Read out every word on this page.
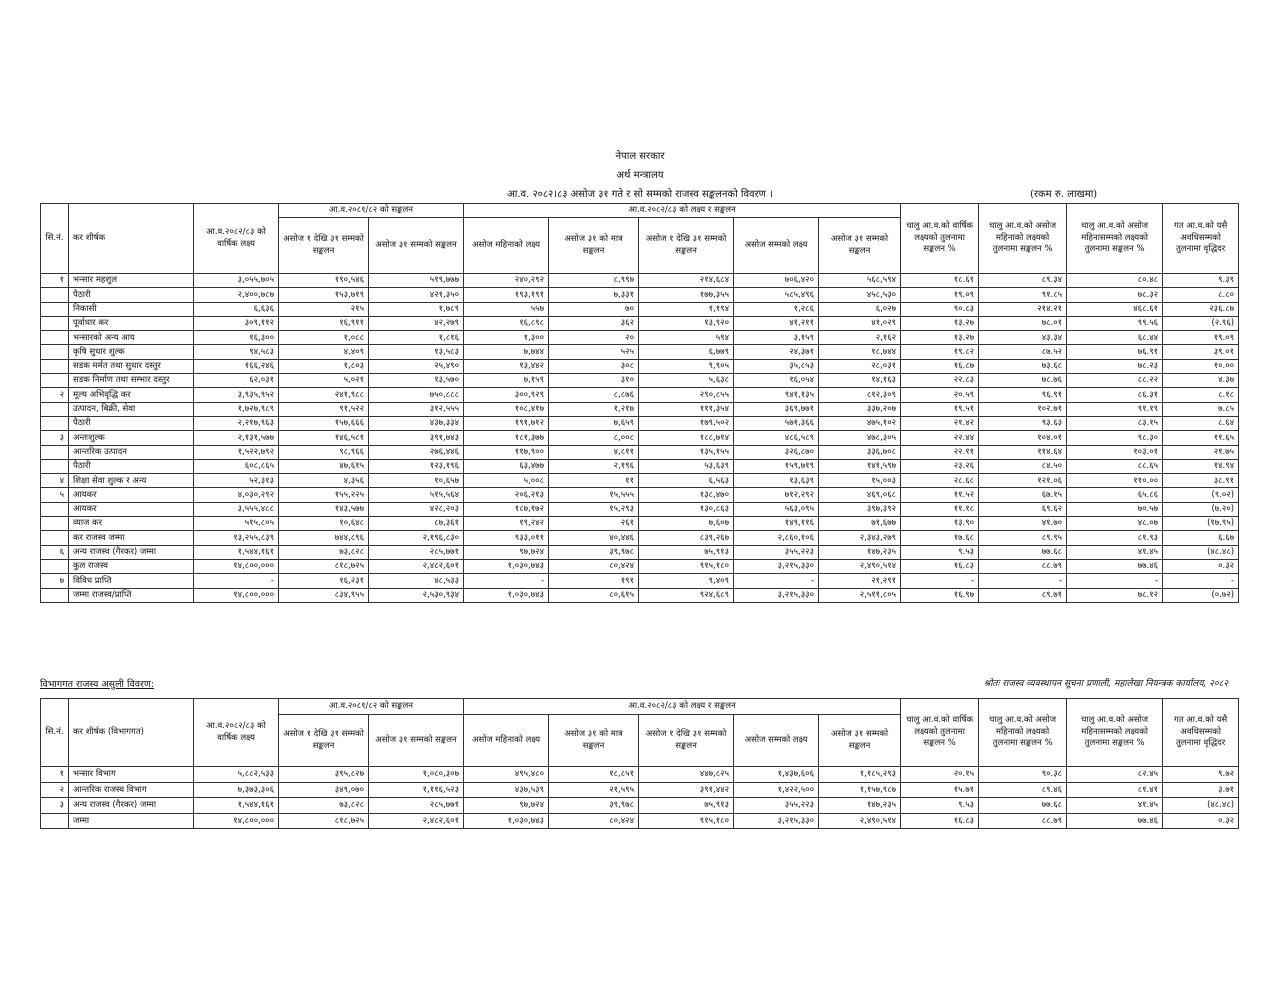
नेपाल सरकार
अर्थ मन्त्रालय
आ.व. २०८२।८३ असोज ३१ गते र सो सम्मको राजस्व सङ्कलनको विवरण ।	(रकम रु. लाखमा)
सि.नं.	कर शीर्षक	आ.व.२०८२/८३ को वार्षिक लक्ष्य	आ.व.२०८१/८२ को सङ्कलन		आ.व.२०८२/८३ को लक्ष्य र सङ्कलन					चालु आ.व.को वार्षिक लक्ष्यको तुलनामा सङ्कलन %	चालु आ.व.को असोज महिनाको लक्ष्यको तुलनामा सङ्कलन %	चालु आ.व.को असोज महिनासम्मको लक्ष्यको तुलनामा सङ्कलन %	गत आ.व.को यसै अवधिसम्मको तुलनामा वृद्धिदर
			असोज १ देखि ३१ सम्मको सङ्कलन	असोज ३१ सम्मको सङ्कलन	असोज महिनाको लक्ष्य	असोज ३१ को मात्र सङ्कलन	असोज १ देखि ३१ सम्मको सङ्कलन	असोज सम्मको लक्ष्य	असोज ३१ सम्मको सङ्कलन				
१	भन्सार महशुल	३,०५५,७०५	१९०,५४६	५१९,७७७	२४०,२९२	८,९९७	२१४,६८४	७०६,४२०	५६८,५९४	१८.६१	८९.३४	८०.४८	९.३९
	पैठारी	२,४००,७८७	१५३,७१९	४२१,३५०	१९३,१९१	७,३३१	१७७,३५५	५८५,४९६	४५८,५३०	१९.०९	९१.८५	७८.३२	८.८०
	निकासी	६,६३६	२१५	१,७८९	५५७	७०	१,१९४	१,२८६	६,०२७	९०.८३	२१४.२१	४६८.६१	२३६.८७
	पूर्वाधार कर	३०९,११२	१६,९११	४२,२७९	१६,८९८	३६२	१३,९२०	४१,२११	४१,०२९	१३.२७	७८.०१	९९.५६	(२.९६)
	भन्सारको अन्य आय	१६,३००	१,०८८	१,८१६	१,३००	२०	५९४	३,१५९	२,१६२	१३.२७	४३.३४	६८.४४	१९.०९
	कृषि सुधार शुल्क	९४,५८३	४,४०९	१३,५८३	७,७४४	५२५	६,७७९	२४,३७१	१८,७४४	१९.८२	८७.५२	७६.९१	३९.०१
	सडक मर्मत तथा सुधार दस्तुर	१६६,२४६	१,८०३	२५,४९०	१३,४४२	३०८	९,९०५	३५,८५३	२८,०३१	१६.८७	७३.६८	७८.२३	१०.००
	सडक निर्माण तथा सम्भार दस्तुर	६२,०३१	५,०२१	१३,५७०	७,१५९	३१०	५,६३८	१६,०५४	१४,१६३	२२.८३	७८.७६	८८.२२	४.३७
२	मूल्य अभिवृद्धि कर	३,९३५,९५२	२४१,९८८	७५०,८८८	३००,९२९	८,८७६	२९०,८५५	९४१,१३५	८१२,३०९	२०.५९	९६.९१	८६.३१	८.१८
	उत्पादन, बिक्री, सेवा	१,७२७,९८९	९१,५२२	३१२,५५५	१०८,४१७	१,२१७	१११,३५४	३६९,७७१	३३७,२०७	१९.५१	१०२.७१	९१.१९	७.८५
	पैठारी	२,२१७,९६३	१५७,६६६	४३७,३३४	१९१,७१२	७,६५९	१७९,५०२	५७१,३६६	४७५,१०२	२१.४२	९३.६३	८३.१५	८.६४
३	अन्तःशुल्क	२,१३१,५७७	१४६,५८१	३९१,७४३	१८१,३७७	८,००८	१८८,७१४	४८६,५८९	४७८,३०५	२२.४४	१०४.०१	९८.३०	११.६५
	आन्तरिक उत्पादन	१,५२२,७९२	९८,९६६	२७६,४४६	११७,९००	४,८११	१३५,१५५	३२६,८७०	३३६,७०८	२२.११	११४.६४	१०३.०१	२१.७५
	पैठारी	६०८,८६५	४७,६१५	१२३,१९६	६३,४७७	२,१९६	५३,६३९	१५९,७१९	१४१,५९७	२३.२६	८४.५०	८८.६५	१४.९४
४	शिक्षा सेवा शुल्क र अन्य	५२,३१३	४,३५६	१०,६५७	५,००८	११	६,५६३	१३,६३९	१५,००३	२८.६८	१२१.०६	११०.००	३८.९१
५	आयकर	४,०३०,२९२	१५५,२२५	५१५,५६४	२०६,२१३	१५,५५५	१३८,४७०	७१२,२९२	४६९,०६८	११.५२	६७.१५	६५.८६	(९.०२)
	आयकर	३,५५५,४८८	१४३,५७७	४२८,२०३	१८७,१७२	१५,२९३	१३०,८६३	५६३,०९५	३९७,३९२	११.१८	६९.६२	७०.५७	(७.२०)
	व्याज कर	५१५,८०५	१०,६४८	८७,३६१	१९,२४२	२६१	७,६०७	१४९,११६	७१,६७७	१३.९०	४१.७०	४८.०७	(१७.९५)
	कर राजस्व जम्मा	१३,२५५,८३९	७४४,८९६	२,१९६,८३०	९३३,०११	४०,४४६	८३९,२६७	२,८६०,१०६	२,३४३,२७९	१७.६८	८९.९५	८१.९३	६.६७
६	अन्य राजस्व (गैरकर) जम्मा	१,५४४,१६१	७३,८२८	२८५,७७१	९७,७२४	३९,९७८	७५,९१३	३५५,२२३	१४७,२३५	९.५३	७७.६८	४१.४५	(४८.४८)
	कुल राजस्व	१४,८००,०००	८१८,७२५	२,४८२,६०१	१,०३०,७४३	८०,४२४	९१५,१८०	३,२१५,३३०	२,४९०,५१४	१६.८३	८८.७९	७७.४६	०.३२
७	विविध प्राप्ति	-	१६,२३१	४८,५३३	-	१९१	९,४०९	-	२१,२९१	-	-	-	-
	जम्मा राजस्व/प्राप्ति	१४,८००,०००	८३४,९५५	२,५३०,९३४	१,०३०,७४३	८०,६१५	९२४,६८९	३,२१५,३३०	२,५११,८०५	१६.९७	८९.७१	७८.१२	(०.७२)
विभागगत राजस्व असुली विवरण:	श्रोतः राजस्व व्यवस्थापन सूचना प्रणाली, महालेखा नियन्त्रक कार्यालय, २०८२
सि.नं.	कर शीर्षक (विभागगत)	आ.व.२०८२/८३ को वार्षिक लक्ष्य	आ.व.२०८१/८२ को सङ्कलन		आ.व.२०८२/८३ को लक्ष्य र सङ्कलन					चालु आ.व.को वार्षिक लक्ष्यको तुलनामा सङ्कलन %	चालु आ.व.को असोज महिनाको लक्ष्यको तुलनामा सङ्कलन %	चालु आ.व.को असोज महिनासम्मको लक्ष्यको तुलनामा सङ्कलन %	गत आ.व.को यसै अवधिसम्मको तुलनामा वृद्धिदर
			असोज १ देखि ३१ सम्मको सङ्कलन	असोज ३१ सम्मको सङ्कलन	असोज महिनाको लक्ष्य	असोज ३१ को मात्र सङ्कलन	असोज १ देखि ३१ सम्मको सङ्कलन	असोज सम्मको लक्ष्य	असोज ३१ सम्मको सङ्कलन				
१	भन्सार विभाग	५,८८२,५३३	३९५,८२७	१,०८०,३०७	४९५,४८०	१८,८५१	४४७,८२५	१,४३७,६०६	१,१८५,२९३	२०.१५	९०.३८	८२.४५	९.७२
२	आन्तरिक राजस्व विभाग	७,३७३,३०६	३४९,०७०	१,११६,५२३	४३७,५३९	२१,५९५	३९१,४४२	१,४२२,५००	१,१५७,९८७	१५.७१	८९.४६	८१.४१	३.७१
३	अन्य राजस्व (गैरकर) जम्मा	१,५४४,१६१	७३,८२८	२८५,७७१	९७,७२४	३९,९७८	७५,९१३	३५५,२२३	१४७,२३५	९.५३	७७.६८	४१.४५	(४८.४८)
	जम्मा	१४,८००,०००	८१८,७२५	२,४८२,६०१	१,०३०,७४३	८०,४२४	९१५,१८०	३,२१५,३३०	२,४९०,५१४	१६.८३	८८.७९	७७.४६	०.३२
